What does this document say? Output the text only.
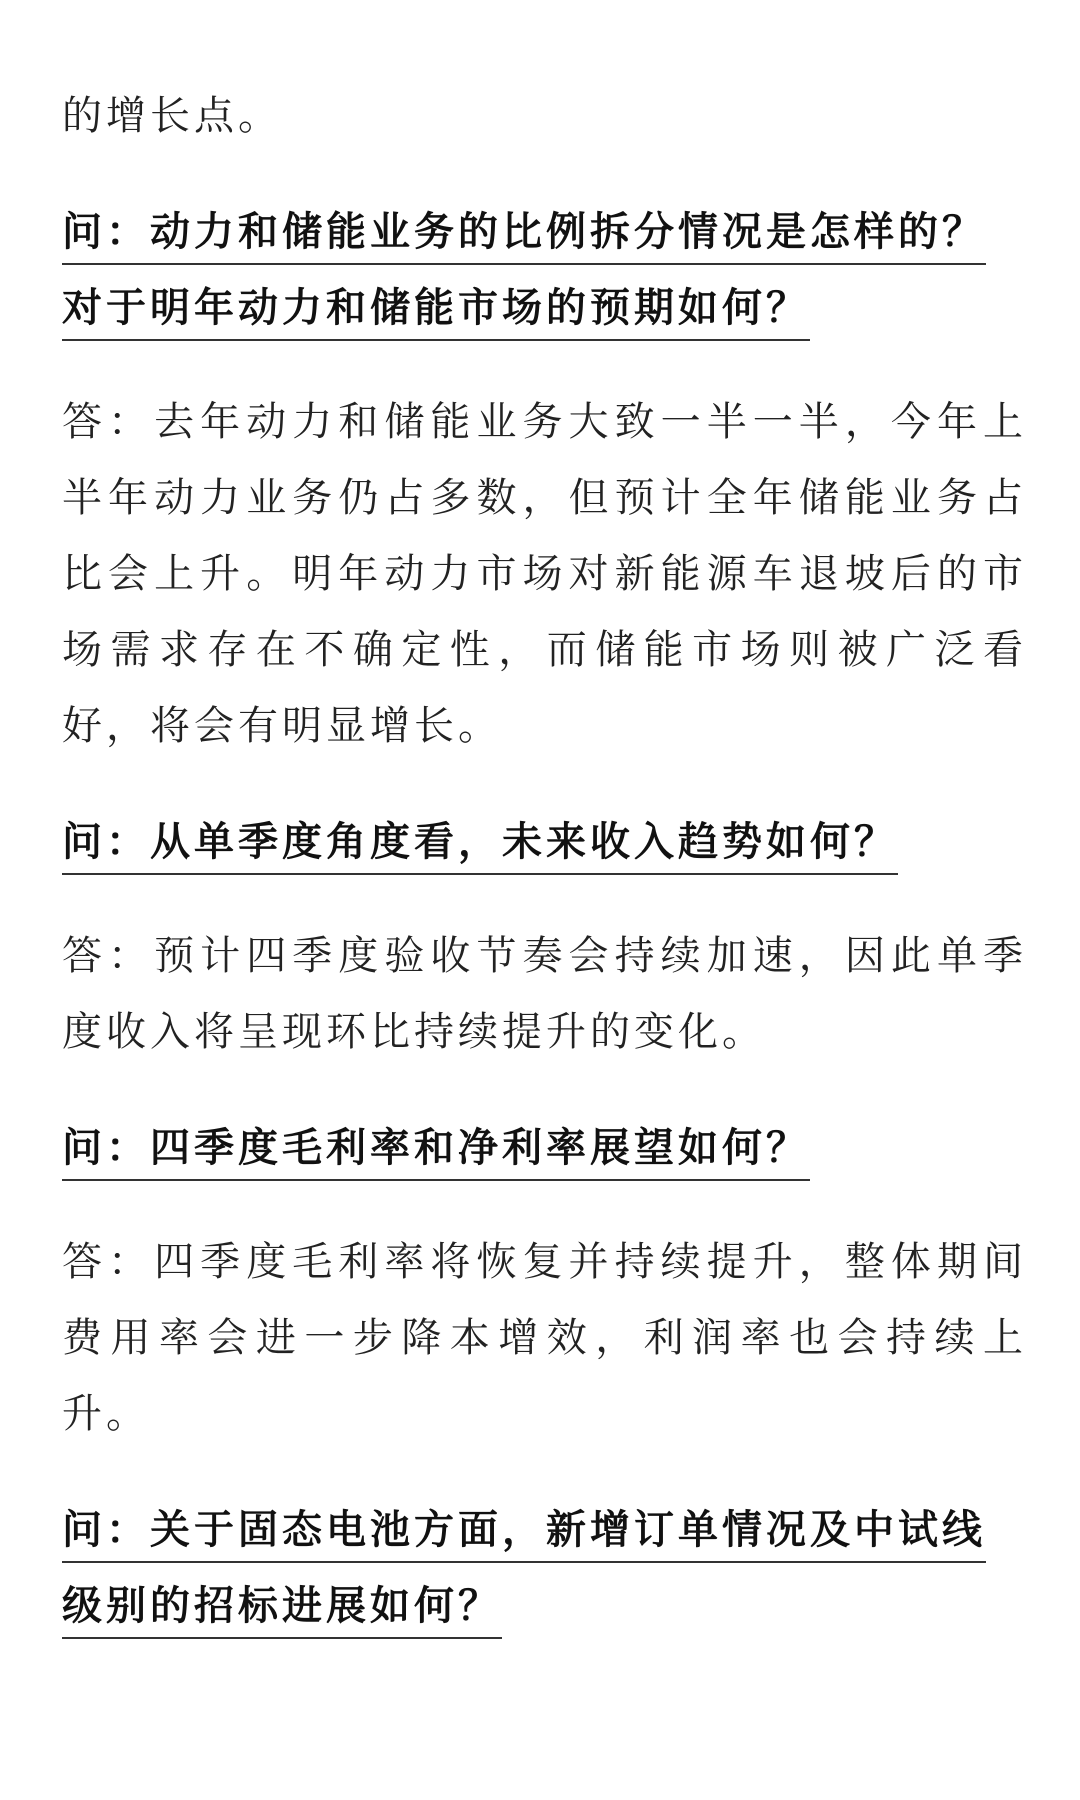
的增长点。

问：动力和储能业务的比例拆分情况是怎样的？对于明年动力和储能市场的预期如何？

答：去年动力和储能业务大致一半一半，今年上半年动力业务仍占多数，但预计全年储能业务占比会上升。明年动力市场对新能源车退坡后的市场需求存在不确定性，而储能市场则被广泛看好，将会有明显增长。

问：从单季度角度看，未来收入趋势如何？

答：预计四季度验收节奏会持续加速，因此单季度收入将呈现环比持续提升的变化。

问：四季度毛利率和净利率展望如何？

答：四季度毛利率将恢复并持续提升，整体期间费用率会进一步降本增效，利润率也会持续上升。

问：关于固态电池方面，新增订单情况及中试线级别的招标进展如何？
